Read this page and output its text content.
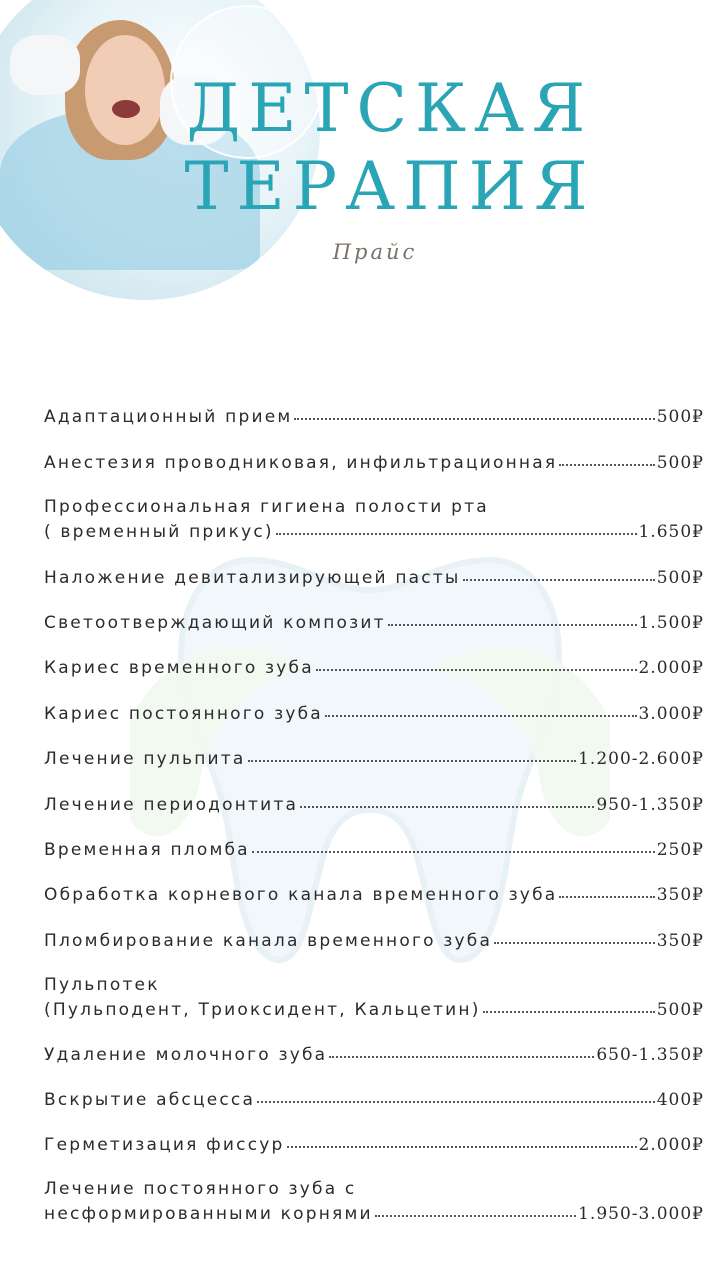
ДЕТСКАЯ
ТЕРАПИЯ
Прайс
Адаптационный прием	500₽
Анестезия проводниковая, инфильтрационная	500₽
Профессиональная гигиена полости рта
( временный прикус)	1.650₽
Наложение девитализирующей пасты	500₽
Светоотверждающий композит	1.500₽
Кариес временного зуба	2.000₽
Кариес постоянного зуба	3.000₽
Лечение пульпита	1.200-2.600₽
Лечение периодонтита	950-1.350₽
Временная пломба	250₽
Обработка корневого канала временного зуба	350₽
Пломбирование канала временного зуба	350₽
Пульпотек
(Пульподент, Триоксидент, Кальцетин)	500₽
Удаление молочного зуба	650-1.350₽
Вскрытие абсцесса	400₽
Герметизация фиссур	2.000₽
Лечение постоянного зуба с
несформированными корнями	1.950-3.000₽
